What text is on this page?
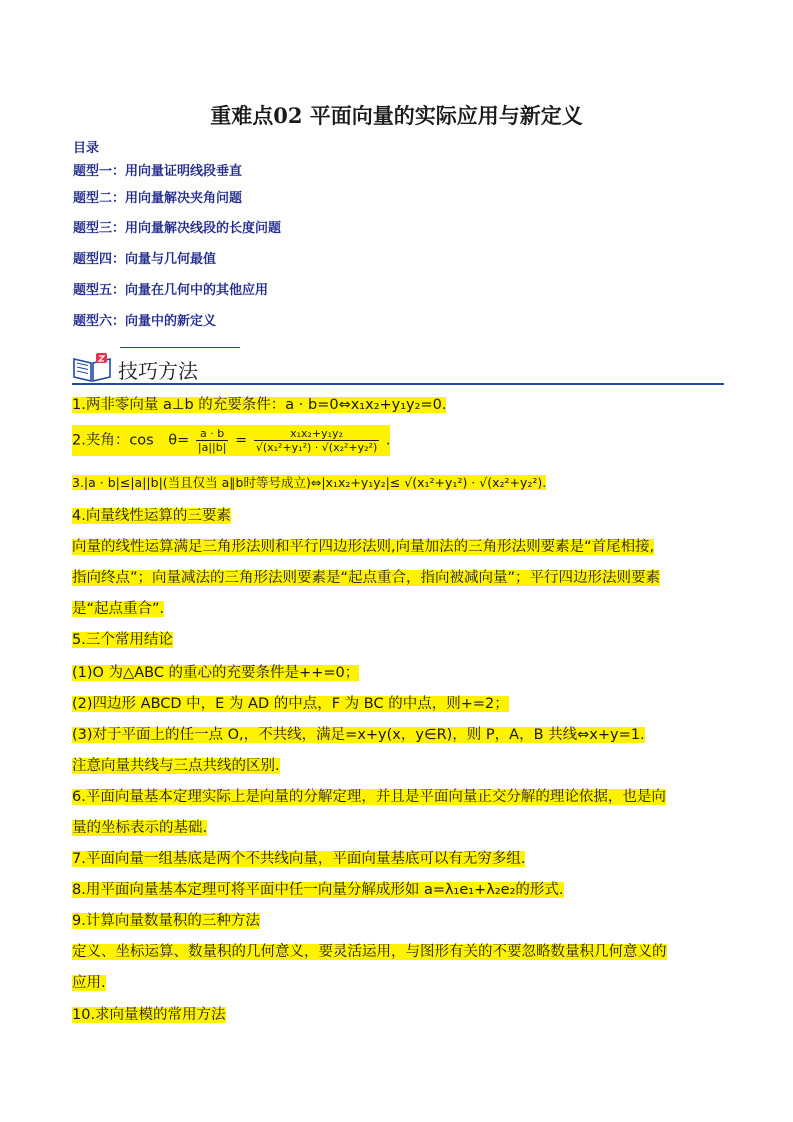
重难点02 平面向量的实际应用与新定义
目录
题型一：用向量证明线段垂直
题型二：用向量解决夹角问题
题型三：用向量解决线段的长度问题
题型四：向量与几何最值
题型五：向量在几何中的其他应用
题型六：向量中的新定义
技巧方法
1.两非零向量 a⊥b 的充要条件：a · b=0⇔x₁x₂+y₁y₂=0.
2.夹角：cos　$\theta= \frac{a \cdot b}{|a||b|} = \frac{\text{x₁x₂+y₁y₂}}{\text{√(x₁²+y₁²) · √(x₂²+y₂²)}}$ .
3.|a · b|≤|a||b|(当且仅当 a∥b时等号成立)⇔|x₁x₂+y₁y₂|≤ √(x₁²+y₁²) · √(x₂²+y₂²).
4.向量线性运算的三要素
向量的线性运算满足三角形法则和平行四边形法则,向量加法的三角形法则要素是“首尾相接,
指向终点”；向量减法的三角形法则要素是“起点重合，指向被减向量”；平行四边形法则要素
是“起点重合”.
5.三个常用结论
(1)O 为△ABC 的重心的充要条件是++=0；
(2)四边形 ABCD 中，E 为 AD 的中点，F 为 BC 的中点，则+=2；
(3)对于平面上的任一点 O,，不共线，满足=x+y(x，y∈R)，则 P，A，B 共线⇔x+y=1.
注意向量共线与三点共线的区别.
6.平面向量基本定理实际上是向量的分解定理，并且是平面向量正交分解的理论依据，也是向
量的坐标表示的基础.
7.平面向量一组基底是两个不共线向量，平面向量基底可以有无穷多组.
8.用平面向量基本定理可将平面中任一向量分解成形如 a=λ₁e₁+λ₂e₂的形式.
9.计算向量数量积的三种方法
定义、坐标运算、数量积的几何意义，要灵活运用，与图形有关的不要忽略数量积几何意义的
应用.
10.求向量模的常用方法
